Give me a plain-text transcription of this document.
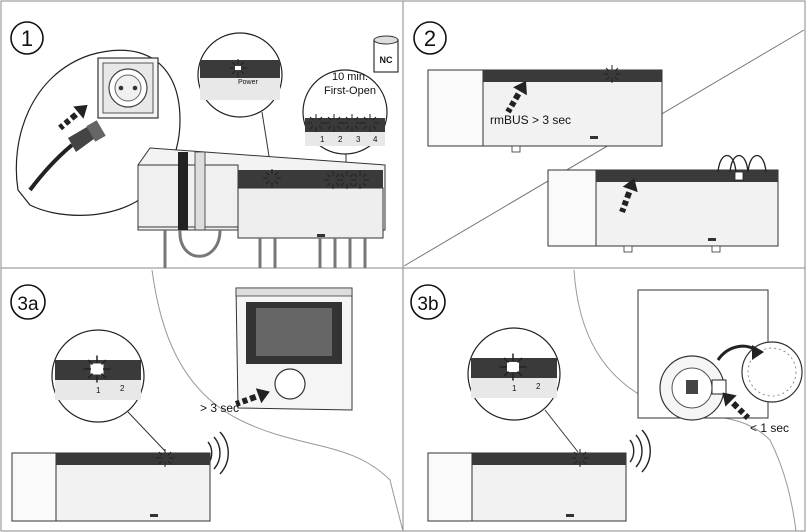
1
Power
1 2 3 4
10 min.
First-Open
NC
2
rmBUS > 3 sec
3a
1 2
> 3 sec
3b
1 2
< 1 sec
